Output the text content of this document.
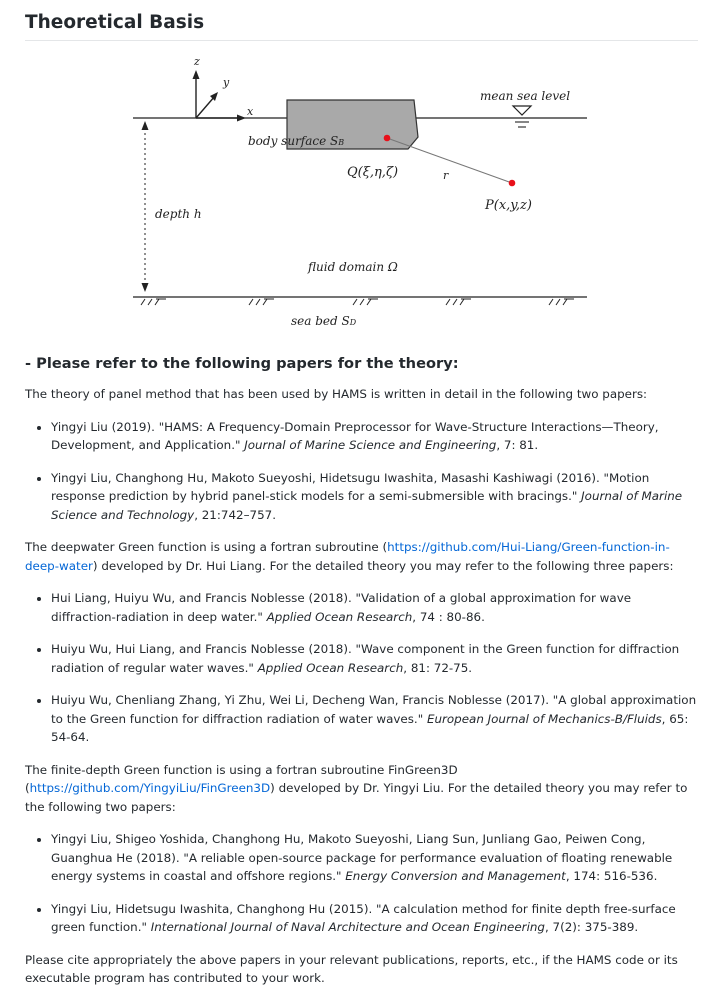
Theoretical Basis
z
y
x
body surface SB
mean sea level
Q(ξ,η,ζ)	r
P(x,y,z)
depth h
fluid domain Ω
sea bed SD
- Please refer to the following papers for the theory:

The theory of panel method that has been used by HAMS is written in detail in the following two papers:

• Yingyi Liu (2019). "HAMS: A Frequency-Domain Preprocessor for Wave-Structure Interactions—Theory, Development, and Application." Journal of Marine Science and Engineering, 7: 81.
• Yingyi Liu, Changhong Hu, Makoto Sueyoshi, Hidetsugu Iwashita, Masashi Kashiwagi (2016). "Motion response prediction by hybrid panel-stick models for a semi-submersible with bracings." Journal of Marine Science and Technology, 21:742–757.

The deepwater Green function is using a fortran subroutine (https://github.com/Hui-Liang/Green-function-in-deep-water) developed by Dr. Hui Liang. For the detailed theory you may refer to the following three papers:

• Hui Liang, Huiyu Wu, and Francis Noblesse (2018). "Validation of a global approximation for wave diffraction-radiation in deep water." Applied Ocean Research, 74 : 80-86.
• Huiyu Wu, Hui Liang, and Francis Noblesse (2018). "Wave component in the Green function for diffraction radiation of regular water waves." Applied Ocean Research, 81: 72-75.
• Huiyu Wu, Chenliang Zhang, Yi Zhu, Wei Li, Decheng Wan, Francis Noblesse (2017). "A global approximation to the Green function for diffraction radiation of water waves." European Journal of Mechanics-B/Fluids, 65: 54-64.

The finite-depth Green function is using a fortran subroutine FinGreen3D (https://github.com/YingyiLiu/FinGreen3D) developed by Dr. Yingyi Liu. For the detailed theory you may refer to the following two papers:

• Yingyi Liu, Shigeo Yoshida, Changhong Hu, Makoto Sueyoshi, Liang Sun, Junliang Gao, Peiwen Cong, Guanghua He (2018). "A reliable open-source package for performance evaluation of floating renewable energy systems in coastal and offshore regions." Energy Conversion and Management, 174: 516-536.
• Yingyi Liu, Hidetsugu Iwashita, Changhong Hu (2015). "A calculation method for finite depth free-surface green function." International Journal of Naval Architecture and Ocean Engineering, 7(2): 375-389.

Please cite appropriately the above papers in your relevant publications, reports, etc., if the HAMS code or its executable program has contributed to your work.
